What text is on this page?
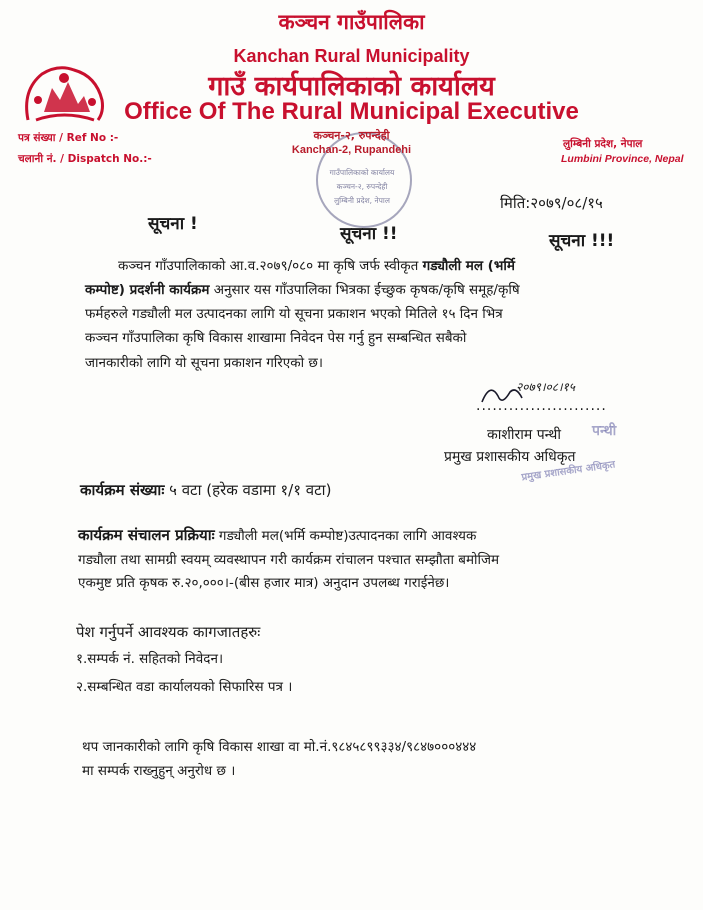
कञ्चन गाउँपालिका
Kanchan Rural Municipality
गाउँ कार्यपालिकाको कार्यालय
Office Of The Rural Municipal Executive
पत्र संख्या / Ref No :-
चलानी नं. / Dispatch No.:-
लुम्बिनी प्रदेश, नेपाल
Lumbini Province, Nepal
कञ्चन-२, रुपन्देही
Kanchan-2, Rupandehi
गाउँपालिकाको कार्यालय
कञ्चन-२, रुपन्देही
लुम्बिनी प्रदेश, नेपाल	मिति:२०७९/०८/१५
सूचना !	सूचना !!	सूचना !!!
कञ्चन गाँउपालिकाको आ.व.२०७९/०८० मा कृषि जर्फ स्वीकृत गड्यौली मल (भर्मि
कम्पोष्ट) प्रदर्शनी कार्यक्रम अनुसार यस गाँउपालिका भित्रका ईच्छुक कृषक/कृषि समूह/कृषि
फर्महरुले गड्यौली मल उत्पादनका लागि यो सूचना प्रकाशन भएको मितिले १५ दिन भित्र
कञ्चन गाँउपालिका कृषि विकास शाखामा निवेदन पेस गर्नु हुन सम्बन्धित सबैको
जानकारीको लागि यो सूचना प्रकाशन गरिएको छ।
२०७९।०८।१५
........................
काशीराम पन्थी
प्रमुख प्रशासकीय अधिकृत
पन्थी
प्रमुख प्रशासकीय अधिकृत
कार्यक्रम संख्याः ५ वटा (हरेक वडामा १/१ वटा)
कार्यक्रम संचालन प्रक्रियाः गड्यौली मल(भर्मि कम्पोष्ट)उत्पादनका लागि आवश्यक
गड्यौला तथा सामग्री स्वयम् व्यवस्थापन गरी कार्यक्रम रांचालन पश्चात सम्झौता बमोजिम
एकमुष्ट प्रति कृषक रु.२०,०००।-(बीस हजार मात्र) अनुदान उपलब्ध गराईनेछ।
पेश गर्नुपर्ने आवश्यक कागजातहरुः
१.सम्पर्क नं. सहितको निवेदन।
२.सम्बन्धित वडा कार्यालयको सिफारिस पत्र ।
थप जानकारीको लागि कृषि विकास शाखा वा मो.नं.९८४५८९९३३४/९८४७०००४४४
मा सम्पर्क राख्नुहुन् अनुरोध छ ।
